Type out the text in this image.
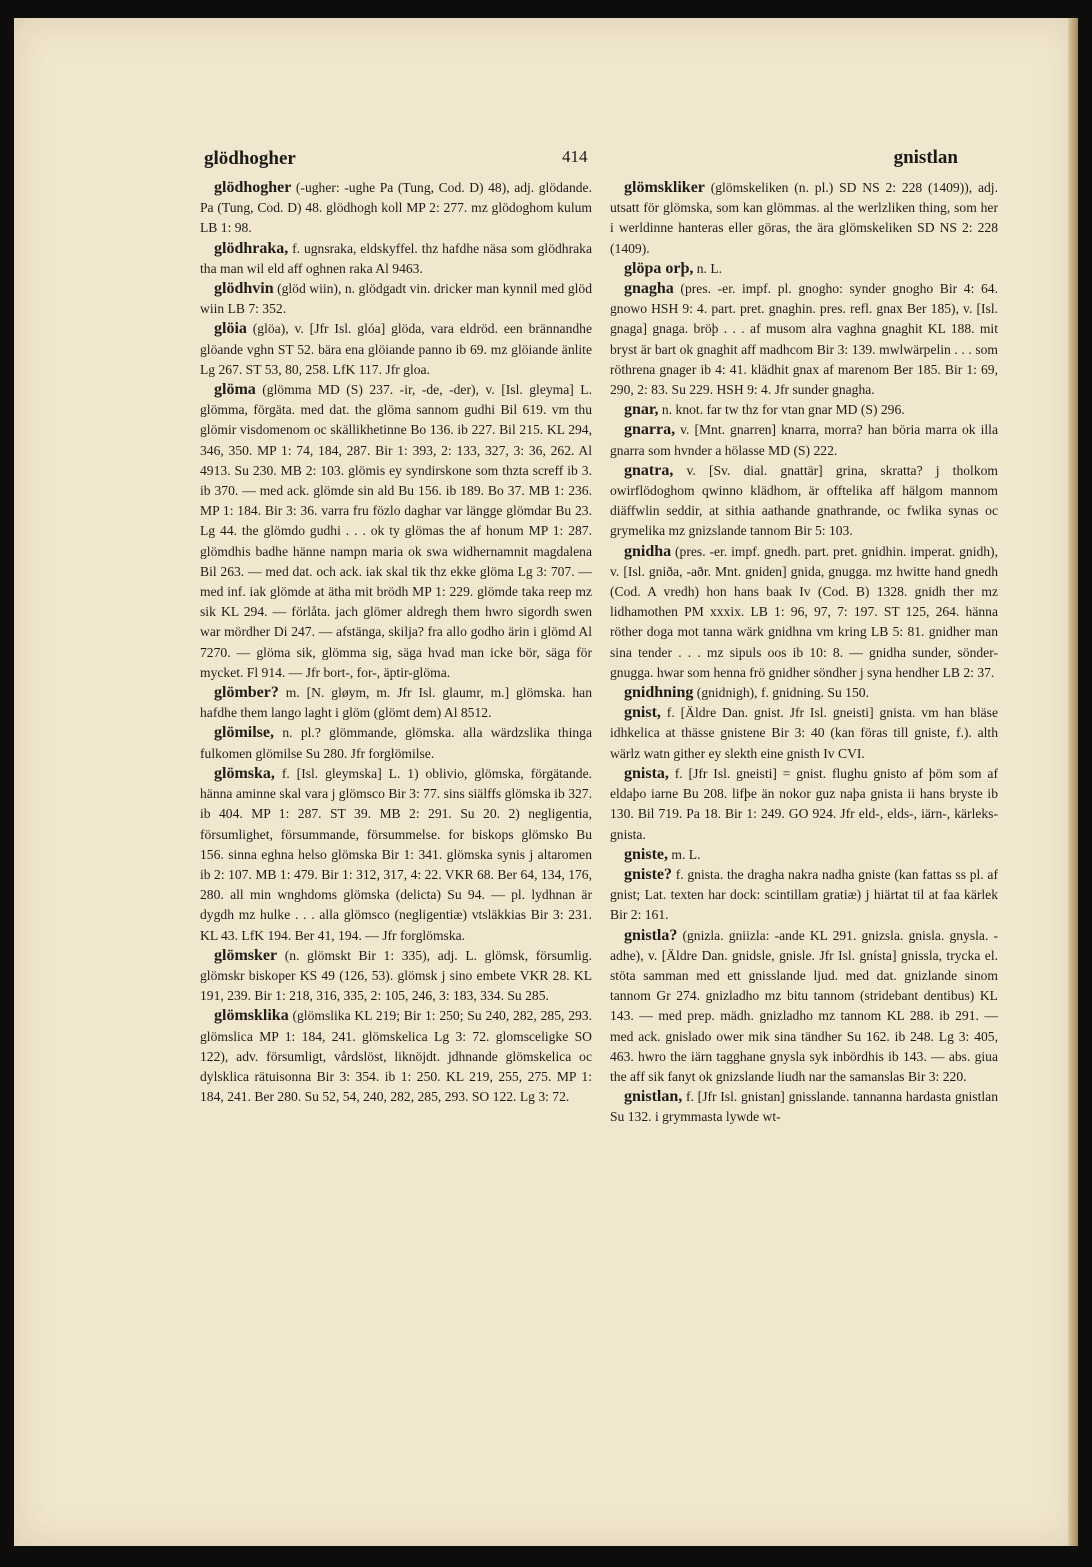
glödhogher	414	gnistlan

glödhogher (-ugher: -ughe Pa (Tung, Cod. D) 48), adj. glödande. Pa (Tung, Cod. D) 48. glödhogh koll MP 2: 277. mz glödoghom kulum LB 1: 98.

glödhraka, f. ugnsraka, eldskyffel. thz hafdhe näsa som glödhraka tha man wil eld aff oghnen raka Al 9463.

glödhvin (glöd wiin), n. glödgadt vin. dricker man kynnil med glöd wiin LB 7: 352.

glöia (glöa), v. [Jfr Isl. glóa] glöda, vara eldröd. een brännandhe glöande vghn ST 52. bära ena glöiande panno ib 69. mz glöiande änlite Lg 267. ST 53, 80, 258. LfK 117. Jfr gloa.

glöma (glömma MD (S) 237. -ir, -de, -der), v. [Isl. gleyma] L. glömma, förgäta. med dat. the glöma sannom gudhi Bil 619. vm thu glömir visdomenom oc skällikhetinne Bo 136. ib 227. Bil 215. KL 294, 346, 350. MP 1: 74, 184, 287. Bir 1: 393, 2: 133, 327, 3: 36, 262. Al 4913. Su 230. MB 2: 103. glömis ey syndirskone som thzta screff ib 3. ib 370. — med ack. glömde sin ald Bu 156. ib 189. Bo 37. MB 1: 236. MP 1: 184. Bir 3: 36. varra fru fözlo daghar var längge glömdar Bu 23. Lg 44. the glömdo gudhi . . . ok ty glömas the af honum MP 1: 287. glömdhis badhe hänne nampn maria ok swa widhernamnit magdalena Bil 263. — med dat. och ack. iak skal tik thz ekke glöma Lg 3: 707. — med inf. iak glömde at ätha mit brödh MP 1: 229. glömde taka reep mz sik KL 294. — förlåta. jach glömer aldregh them hwro sigordh swen war mördher Di 247. — afstänga, skilja? fra allo godho ärin i glömd Al 7270. — glöma sik, glömma sig, säga hvad man icke bör, säga för mycket. Fl 914. — Jfr bort-, for-, äptir-glöma.

glömber? m. [N. gløym, m. Jfr Isl. glaumr, m.] glömska. han hafdhe them lango laght i glöm (glömt dem) Al 8512.

glömilse, n. pl.? glömmande, glömska. alla wärdzslika thinga fulkomen glömilse Su 280. Jfr forglömilse.

glömska, f. [Isl. gleymska] L. 1) oblivio, glömska, förgätande. hänna aminne skal vara j glömsco Bir 3: 77. sins siälffs glömska ib 327. ib 404. MP 1: 287. ST 39. MB 2: 291. Su 20. 2) negligentia, försumlighet, försummande, försummelse. for biskops glömsko Bu 156. sinna eghna helso glömska Bir 1: 341. glömska synis j altaromen ib 2: 107. MB 1: 479. Bir 1: 312, 317, 4: 22. VKR 68. Ber 64, 134, 176, 280. all min wnghdoms glömska (delicta) Su 94. — pl. lydhnan är dygdh mz hulke . . . alla glömsco (negligentiæ) vtsläkkias Bir 3: 231. KL 43. LfK 194. Ber 41, 194. — Jfr forglömska.

glömsker (n. glömskt Bir 1: 335), adj. L. glömsk, försumlig. glömskr biskoper KS 49 (126, 53). glömsk j sino embete VKR 28. KL 191, 239. Bir 1: 218, 316, 335, 2: 105, 246, 3: 183, 334. Su 285.

glömsklika (glömslika KL 219; Bir 1: 250; Su 240, 282, 285, 293. glömslica MP 1: 184, 241. glömskelica Lg 3: 72. glomsceligke SO 122), adv. försumligt, vårdslöst, liknöjdt. jdhnande glömskelica oc dylsklica rätuisonna Bir 3: 354. ib 1: 250. KL 219, 255, 275. MP 1: 184, 241. Ber 280. Su 52, 54, 240, 282, 285, 293. SO 122. Lg 3: 72.

glömskliker (glömskeliken (n. pl.) SD NS 2: 228 (1409)), adj. utsatt för glömska, som kan glömmas. al the werlzliken thing, som her i werldinne hanteras eller göras, the ära glömskeliken SD NS 2: 228 (1409).

glöpa orþ, n. L.

gnagha (pres. -er. impf. pl. gnogho: synder gnogho Bir 4: 64. gnowo HSH 9: 4. part. pret. gnaghin. pres. refl. gnax Ber 185), v. [Isl. gnaga] gnaga. bröþ . . . af musom alra vaghna gnaghit KL 188. mit bryst är bart ok gnaghit aff madhcom Bir 3: 139. mwlwärpelin . . . som röthrena gnager ib 4: 41. klädhit gnax af marenom Ber 185. Bir 1: 69, 290, 2: 83. Su 229. HSH 9: 4. Jfr sunder gnagha.

gnar, n. knot. far tw thz for vtan gnar MD (S) 296.

gnarra, v. [Mnt. gnarren] knarra, morra? han böria marra ok illa gnarra som hvnder a hölasse MD (S) 222.

gnatra, v. [Sv. dial. gnattär] grina, skratta? j tholkom owirflödoghom qwinno klädhom, är offtelika aff hälgom mannom diäffwlin seddir, at sithia aathande gnathrande, oc fwlika synas oc grymelika mz gnizslande tannom Bir 5: 103.

gnidha (pres. -er. impf. gnedh. part. pret. gnidhin. imperat. gnidh), v. [Isl. gniða, -aðr. Mnt. gniden] gnida, gnugga. mz hwitte hand gnedh (Cod. A vredh) hon hans baak Iv (Cod. B) 1328. gnidh ther mz lidhamothen PM xxxix. LB 1: 96, 97, 7: 197. ST 125, 264. hänna röther doga mot tanna wärk gnidhna vm kring LB 5: 81. gnidher man sina tender . . . mz sipuls oos ib 10: 8. — gnidha sunder, sönder-gnugga. hwar som henna frö gnidher söndher j syna hendher LB 2: 37.

gnidhning (gnidnigh), f. gnidning. Su 150.

gnist, f. [Äldre Dan. gnist. Jfr Isl. gneisti] gnista. vm han bläse idhkelica at thässe gnistene Bir 3: 40 (kan föras till gniste, f.). alth wärlz watn gither ey slekth eine gnisth Iv CVI.

gnista, f. [Jfr Isl. gneisti] = gnist. flughu gnisto af þöm som af eldaþo iarne Bu 208. lifþe än nokor guz naþa gnista ii hans bryste ib 130. Bil 719. Pa 18. Bir 1: 249. GO 924. Jfr eld-, elds-, iärn-, kärleks-gnista.

gniste, m. L.

gniste? f. gnista. the dragha nakra nadha gniste (kan fattas ss pl. af gnist; Lat. texten har dock: scintillam gratiæ) j hiärtat til at faa kärlek Bir 2: 161.

gnistla? (gnizla. gniizla: -ande KL 291. gnizsla. gnisla. gnysla. -adhe), v. [Äldre Dan. gnidsle, gnisle. Jfr Isl. gnísta] gnissla, trycka el. stöta samman med ett gnisslande ljud. med dat. gnizlande sinom tannom Gr 274. gnizladho mz bitu tannom (stridebant dentibus) KL 143. — med prep. mädh. gnizladho mz tannom KL 288. ib 291. — med ack. gnislado ower mik sina tändher Su 162. ib 248. Lg 3: 405, 463. hwro the iärn tagghane gnysla syk inbördhis ib 143. — abs. giua the aff sik fanyt ok gnizslande liudh nar the samanslas Bir 3: 220.

gnistlan, f. [Jfr Isl. gnistan] gnisslande. tannanna hardasta gnistlan Su 132. i grymmasta lywde wt-
